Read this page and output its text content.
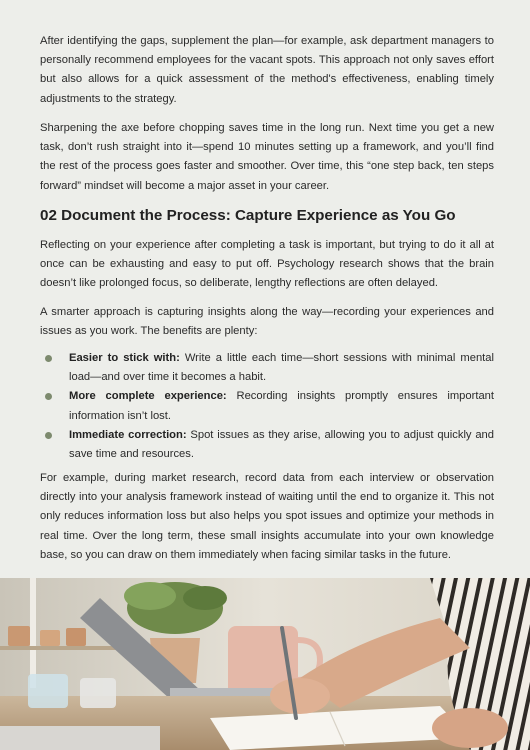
After identifying the gaps, supplement the plan—for example, ask department managers to personally recommend employees for the vacant spots. This approach not only saves effort but also allows for a quick assessment of the method's effectiveness, enabling timely adjustments to the strategy.

Sharpening the axe before chopping saves time in the long run. Next time you get a new task, don’t rush straight into it—spend 10 minutes setting up a framework, and you’ll find the rest of the process goes faster and smoother. Over time, this “one step back, ten steps forward” mindset will become a major asset in your career.

02 Document the Process: Capture Experience as You Go

Reflecting on your experience after completing a task is important, but trying to do it all at once can be exhausting and easy to put off. Psychology research shows that the brain doesn’t like prolonged focus, so deliberate, lengthy reflections are often delayed.

A smarter approach is capturing insights along the way—recording your experiences and issues as you work. The benefits are plenty:

Easier to stick with: Write a little each time—short sessions with minimal mental load—and over time it becomes a habit.
More complete experience: Recording insights promptly ensures important information isn’t lost.
Immediate correction: Spot issues as they arise, allowing you to adjust quickly and save time and resources.

For example, during market research, record data from each interview or observation directly into your analysis framework instead of waiting until the end to organize it. This not only reduces information loss but also helps you spot issues and optimize your methods in real time. Over the long term, these small insights accumulate into your own knowledge base, so you can draw on them immediately when facing similar tasks in the future.
